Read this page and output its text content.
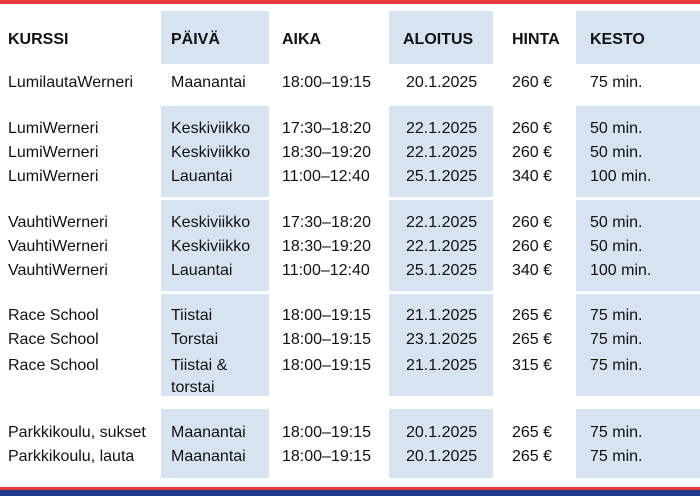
KURSSI	PÄIVÄ	AIKA	ALOITUS HINTA KESTO
LumilautaWerneri Maanantai 18:00–19:15 20.1.2025 260 € 75 min.
LumiWerneri	Keskiviikko 17:30–18:20 22.1.2025 260 € 50 min.
LumiWerneri	Keskiviikko 18:30–19:20 22.1.2025 260 € 50 min.
LumiWerneri	Lauantai	11:00–12:40 25.1.2025 340 € 100 min.
VauhtiWerneri	Keskiviikko 17:30–18:20 22.1.2025 260 € 50 min.
VauhtiWerneri	Keskiviikko 18:30–19:20 22.1.2025 260 € 50 min.
VauhtiWerneri	Lauantai	11:00–12:40 25.1.2025 340 € 100 min.
Race School	Tiistai	18:00–19:15 21.1.2025 265 € 75 min.
Race School	Torstai	18:00–19:15 23.1.2025 265 € 75 min.
Race School	Tiistai &	18:00–19:15 21.1.2025 315 € 75 min.
torstai
Parkkikoulu, sukset Maanantai 18:00–19:15 20.1.2025 265 € 75 min.
Parkkikoulu, lauta Maanantai 18:00–19:15 20.1.2025 265 € 75 min.
